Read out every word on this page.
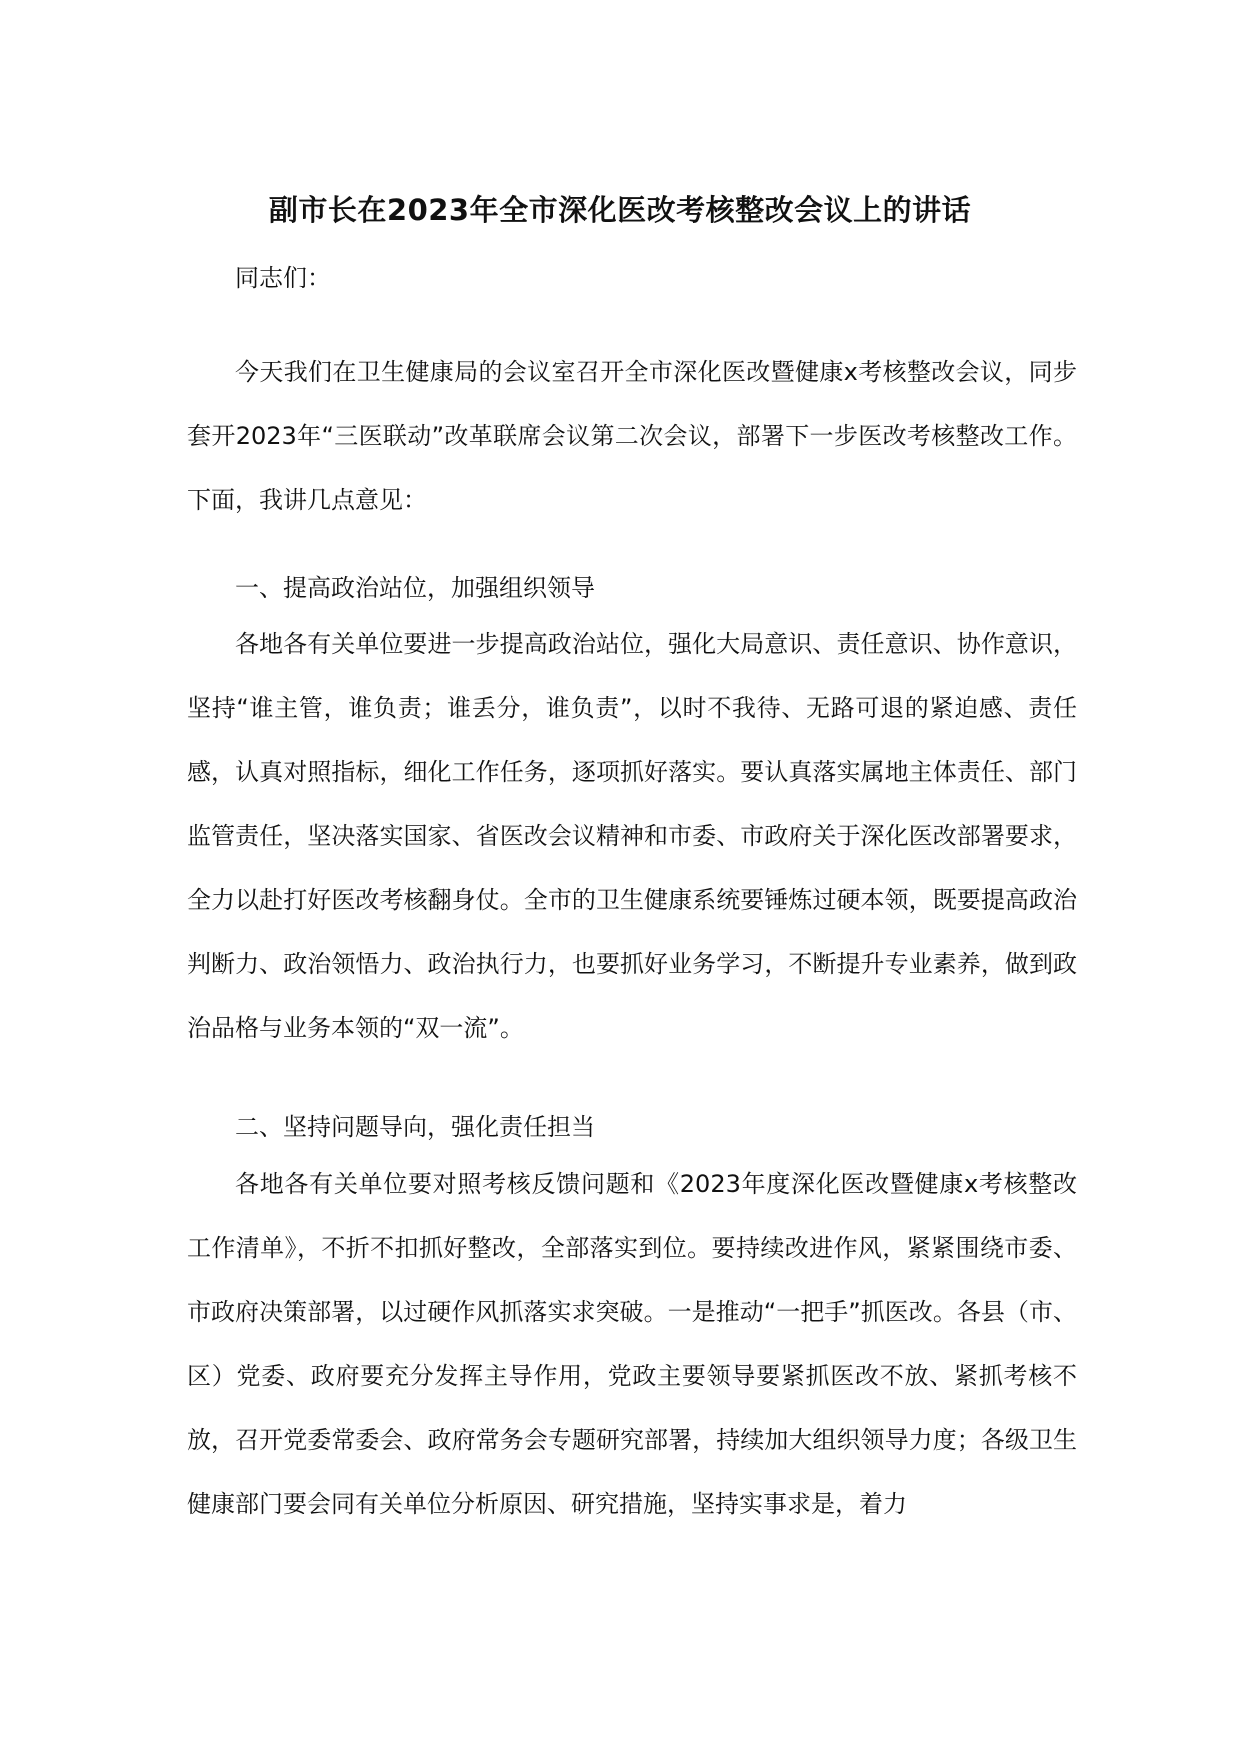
副市长在2023年全市深化医改考核整改会议上的讲话

同志们：

今天我们在卫生健康局的会议室召开全市深化医改暨健康x考核整改会议，同步套开2023年“三医联动”改革联席会议第二次会议，部署下一步医改考核整改工作。下面，我讲几点意见：

一、提高政治站位，加强组织领导

各地各有关单位要进一步提高政治站位，强化大局意识、责任意识、协作意识，坚持“谁主管，谁负责；谁丢分，谁负责”，以时不我待、无路可退的紧迫感、责任感，认真对照指标，细化工作任务，逐项抓好落实。要认真落实属地主体责任、部门监管责任，坚决落实国家、省医改会议精神和市委、市政府关于深化医改部署要求，全力以赴打好医改考核翻身仗。全市的卫生健康系统要锤炼过硬本领，既要提高政治判断力、政治领悟力、政治执行力，也要抓好业务学习，不断提升专业素养，做到政治品格与业务本领的“双一流”。

二、坚持问题导向，强化责任担当

各地各有关单位要对照考核反馈问题和《2023年度深化医改暨健康x考核整改工作清单》，不折不扣抓好整改，全部落实到位。要持续改进作风，紧紧围绕市委、市政府决策部署，以过硬作风抓落实求突破。一是推动“一把手”抓医改。各县（市、区）党委、政府要充分发挥主导作用，党政主要领导要紧抓医改不放、紧抓考核不放，召开党委常委会、政府常务会专题研究部署，持续加大组织领导力度；各级卫生健康部门要会同有关单位分析原因、研究措施，坚持实事求是，着力
